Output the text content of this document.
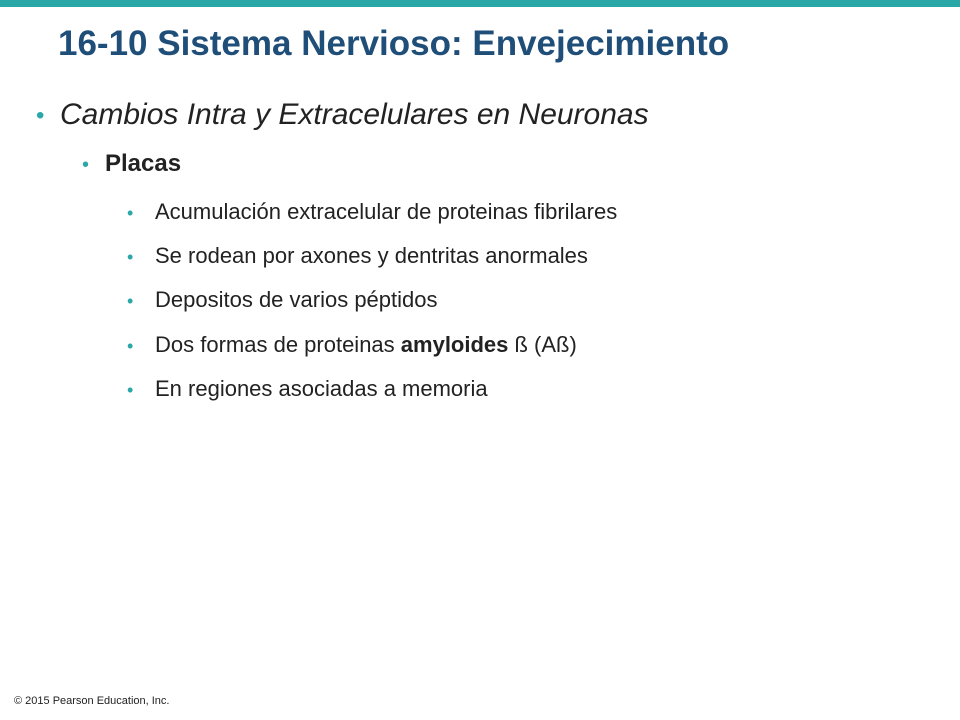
16-10 Sistema Nervioso: Envejecimiento
• Cambios Intra y Extracelulares en Neuronas
• Placas
• Acumulación extracelular de proteinas fibrilares
• Se rodean por axones y dentritas anormales
• Depositos de varios péptidos
• Dos formas de proteinas amyloides ß (Aß)
• En regiones asociadas a memoria
© 2015 Pearson Education, Inc.
